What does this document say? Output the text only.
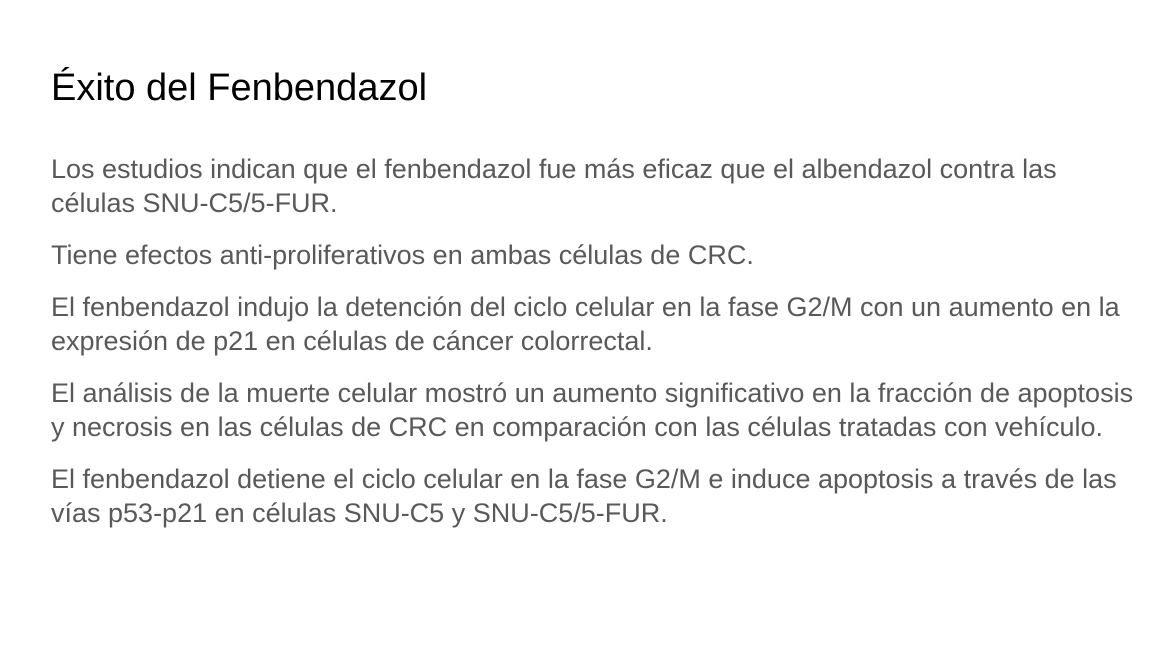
Éxito del Fenbendazol

Los estudios indican que el fenbendazol fue más eficaz que el albendazol contra las células SNU-C5/5-FUR.

Tiene efectos anti-proliferativos en ambas células de CRC.

El fenbendazol indujo la detención del ciclo celular en la fase G2/M con un aumento en la expresión de p21 en células de cáncer colorrectal.

El análisis de la muerte celular mostró un aumento significativo en la fracción de apoptosis y necrosis en las células de CRC en comparación con las células tratadas con vehículo.

El fenbendazol detiene el ciclo celular en la fase G2/M e induce apoptosis a través de las vías p53-p21 en células SNU-C5 y SNU-C5/5-FUR.
